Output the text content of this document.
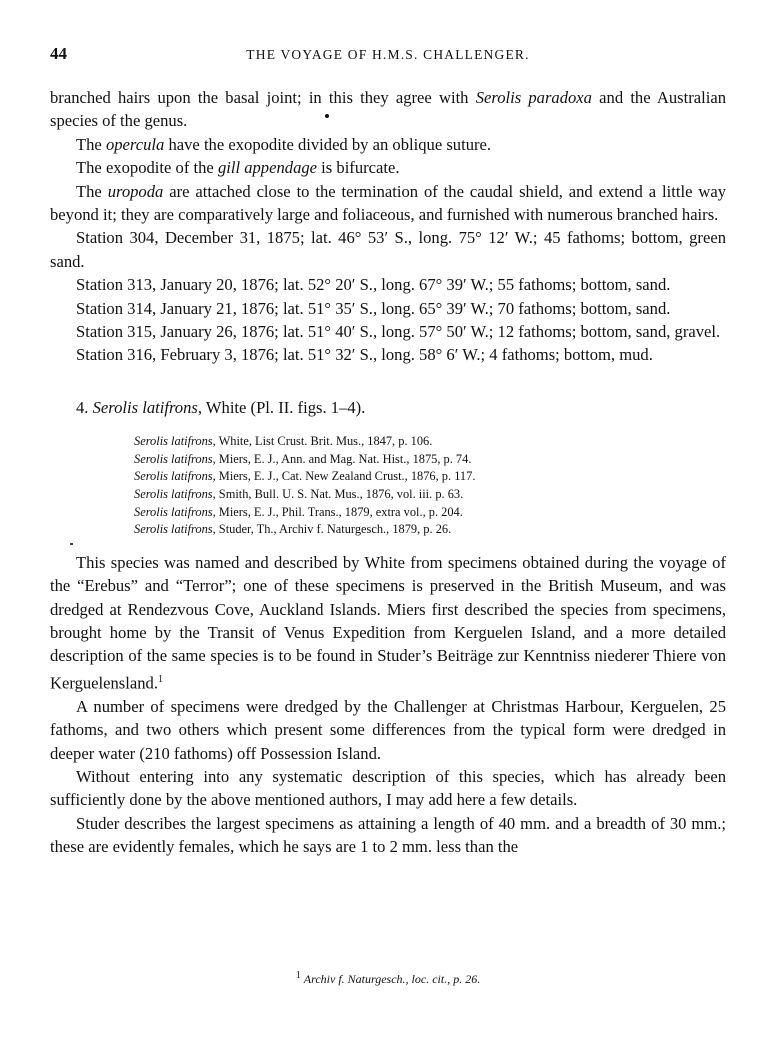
44	THE VOYAGE OF H.M.S. CHALLENGER.

branched hairs upon the basal joint; in this they agree with Serolis paradoxa and the Australian species of the genus.

The opercula have the exopodite divided by an oblique suture.

The exopodite of the gill appendage is bifurcate.

The uropoda are attached close to the termination of the caudal shield, and extend a little way beyond it; they are comparatively large and foliaceous, and furnished with numerous branched hairs.

Station 304, December 31, 1875; lat. 46° 53′ S., long. 75° 12′ W.; 45 fathoms; bottom, green sand.

Station 313, January 20, 1876; lat. 52° 20′ S., long. 67° 39′ W.; 55 fathoms; bottom, sand.

Station 314, January 21, 1876; lat. 51° 35′ S., long. 65° 39′ W.; 70 fathoms; bottom, sand.

Station 315, January 26, 1876; lat. 51° 40′ S., long. 57° 50′ W.; 12 fathoms; bottom, sand, gravel.

Station 316, February 3, 1876; lat. 51° 32′ S., long. 58° 6′ W.; 4 fathoms; bottom, mud.

4. Serolis latifrons, White (Pl. II. figs. 1–4).

Serolis latifrons, White, List Crust. Brit. Mus., 1847, p. 106.
Serolis latifrons, Miers, E. J., Ann. and Mag. Nat. Hist., 1875, p. 74.
Serolis latifrons, Miers, E. J., Cat. New Zealand Crust., 1876, p. 117.
Serolis latifrons, Smith, Bull. U. S. Nat. Mus., 1876, vol. iii. p. 63.
Serolis latifrons, Miers, E. J., Phil. Trans., 1879, extra vol., p. 204.
Serolis latifrons, Studer, Th., Archiv f. Naturgesch., 1879, p. 26.

This species was named and described by White from specimens obtained during the voyage of the “Erebus” and “Terror”; one of these specimens is preserved in the British Museum, and was dredged at Rendezvous Cove, Auckland Islands. Miers first described the species from specimens, brought home by the Transit of Venus Expedition from Kerguelen Island, and a more detailed description of the same species is to be found in Studer’s Beiträge zur Kenntniss niederer Thiere von Kerguelensland.$^1$

A number of specimens were dredged by the Challenger at Christmas Harbour, Kerguelen, 25 fathoms, and two others which present some differences from the typical form were dredged in deeper water (210 fathoms) off Possession Island.

Without entering into any systematic description of this species, which has already been sufficiently done by the above mentioned authors, I may add here a few details.

Studer describes the largest specimens as attaining a length of 40 mm. and a breadth of 30 mm.; these are evidently females, which he says are 1 to 2 mm. less than the

$^1$ Archiv f. Naturgesch., loc. cit., p. 26.
